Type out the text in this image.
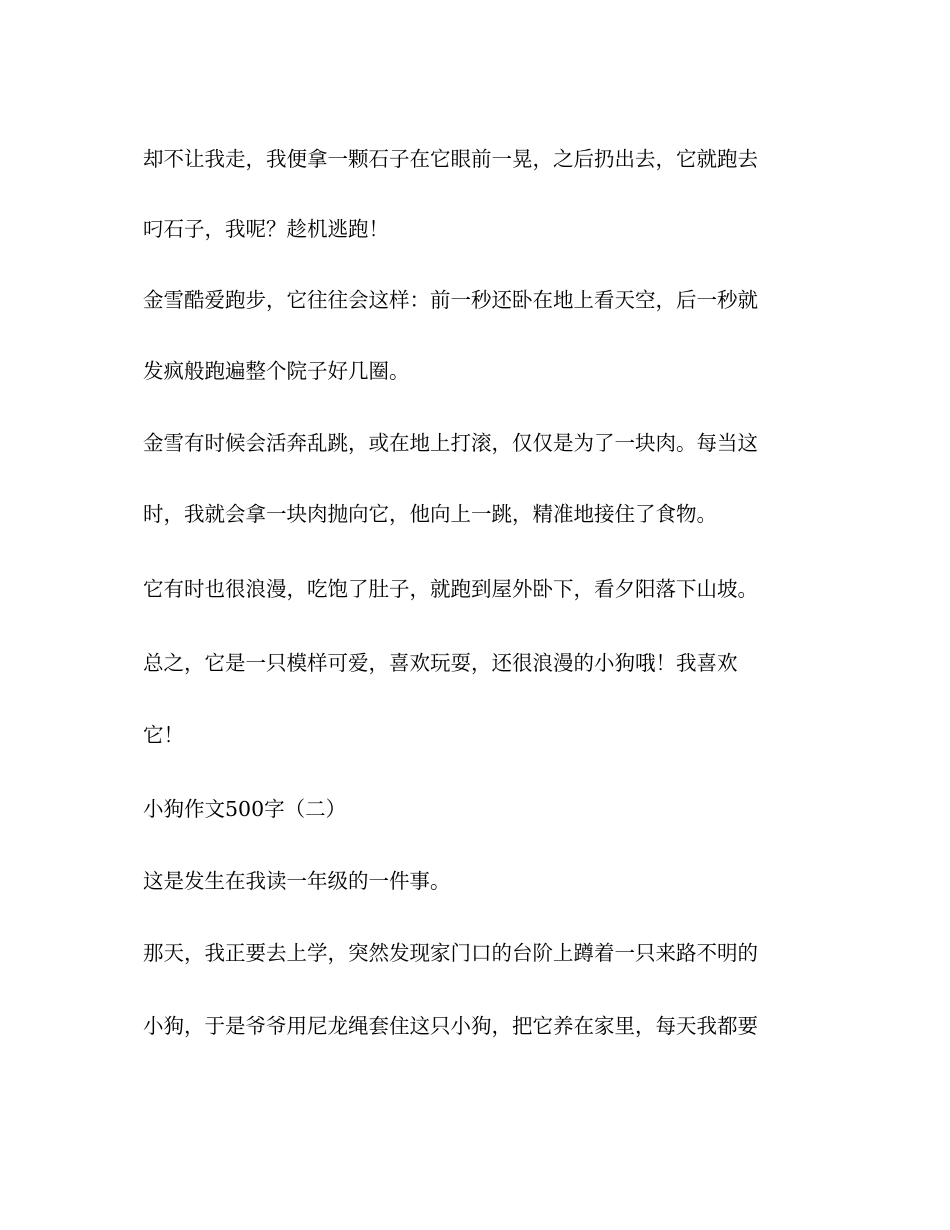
却不让我走，我便拿一颗石子在它眼前一晃，之后扔出去，它就跑去

叼石子，我呢？趁机逃跑！

金雪酷爱跑步，它往往会这样：前一秒还卧在地上看天空，后一秒就

发疯般跑遍整个院子好几圈。

金雪有时候会活奔乱跳，或在地上打滚，仅仅是为了一块肉。每当这

时，我就会拿一块肉抛向它，他向上一跳，精准地接住了食物。

它有时也很浪漫，吃饱了肚子，就跑到屋外卧下，看夕阳落下山坡。

总之，它是一只模样可爱，喜欢玩耍，还很浪漫的小狗哦！我喜欢

它！

小狗作文500字（二）

这是发生在我读一年级的一件事。

那天，我正要去上学，突然发现家门口的台阶上蹲着一只来路不明的

小狗，于是爷爷用尼龙绳套住这只小狗，把它养在家里，每天我都要
